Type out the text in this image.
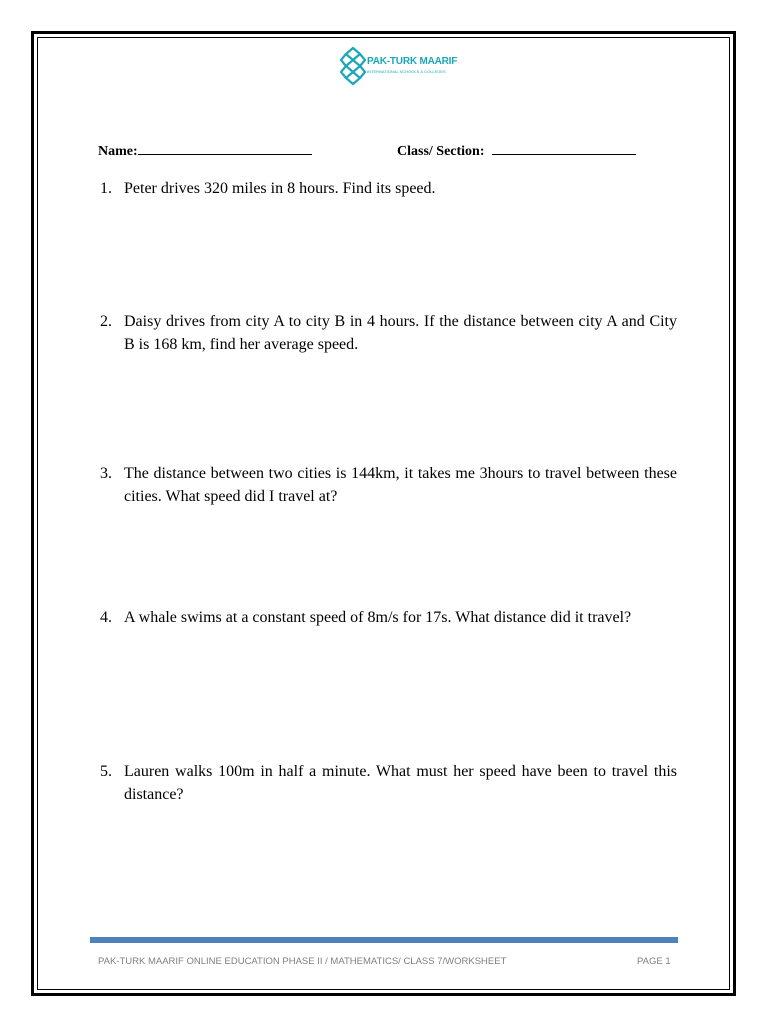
PAK-TURK MAARIF
INTERNATIONAL SCHOOLS & COLLEGES
Name:	Class/ Section:
1. Peter drives 320 miles in 8 hours. Find its speed.
2. Daisy drives from city A to city B in 4 hours. If the distance between city A and City B is 168 km, find her average speed.
3. The distance between two cities is 144km, it takes me 3hours to travel between these cities. What speed did I travel at?
4. A whale swims at a constant speed of 8m/s for 17s. What distance did it travel?
5. Lauren walks 100m in half a minute. What must her speed have been to travel this distance?
PAK-TURK MAARIF ONLINE EDUCATION PHASE II / MATHEMATICS/ CLASS 7/WORKSHEET	PAGE 1
